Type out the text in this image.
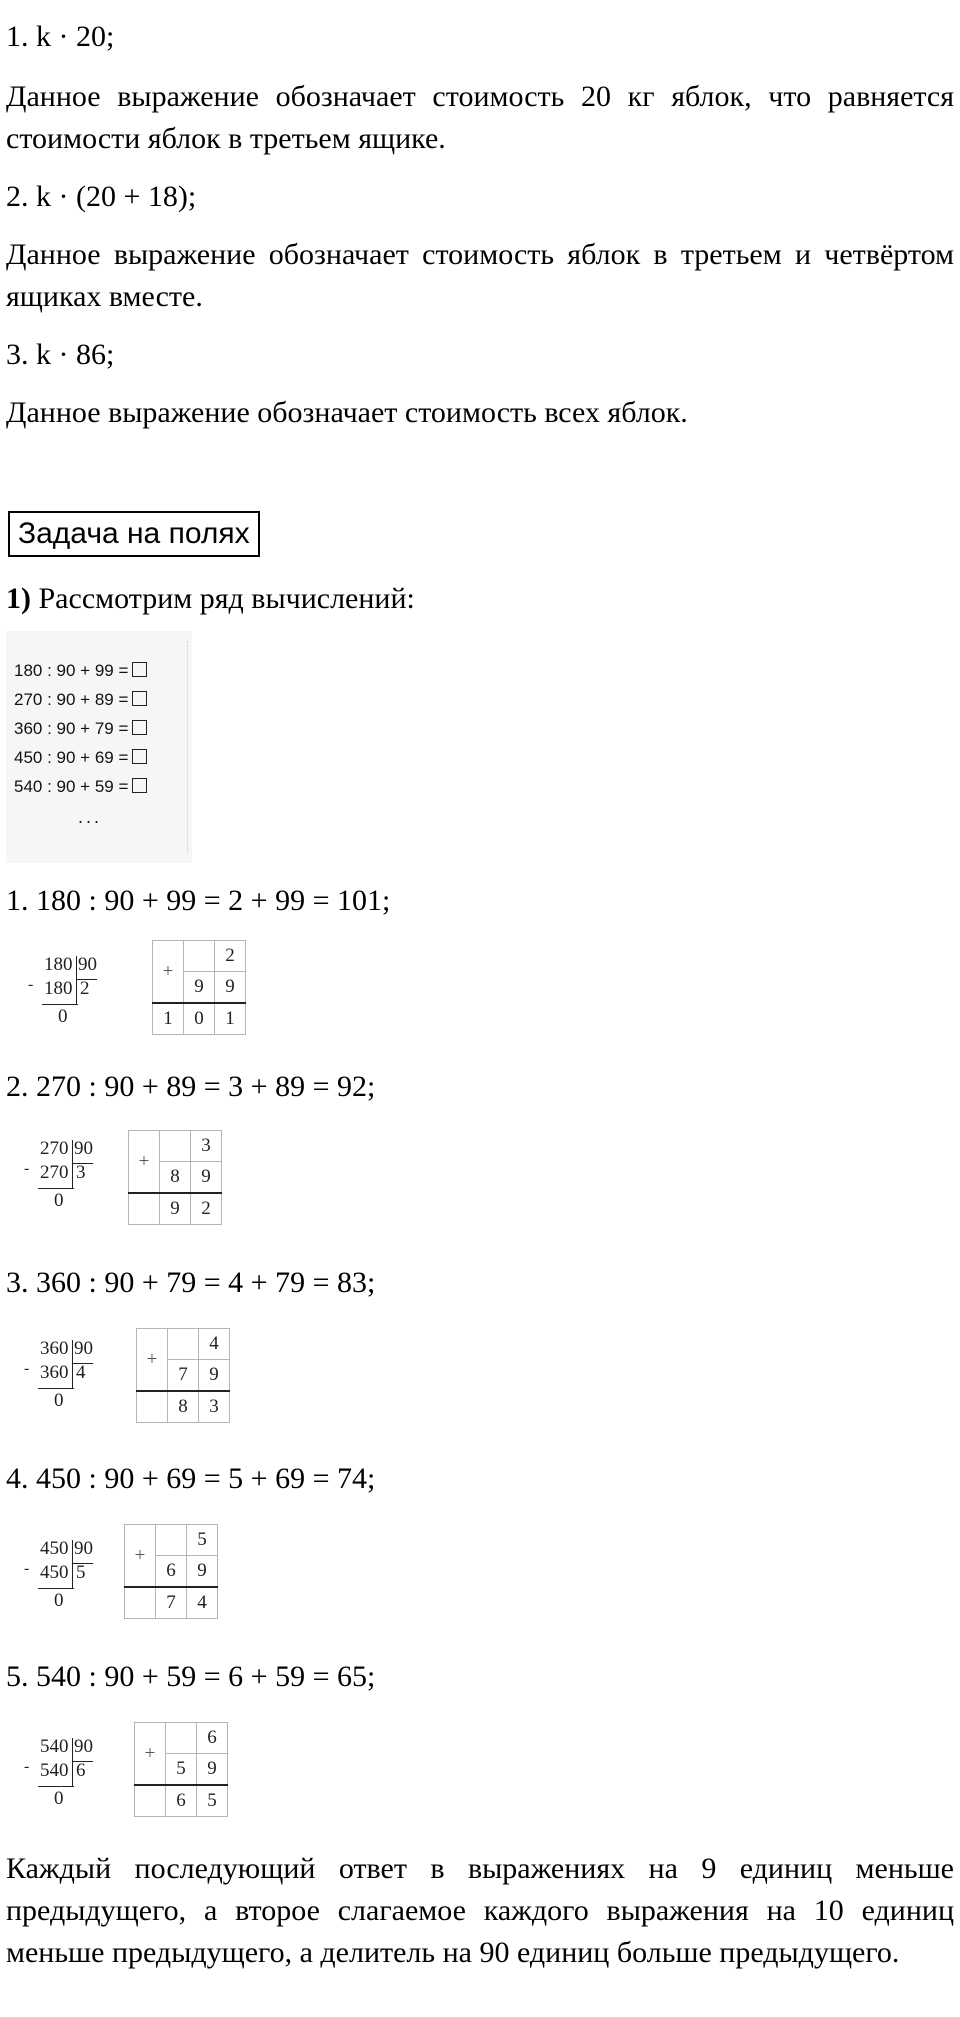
1. k · 20;
Данное выражение обозначает стоимость 20 кг яблок, что равняется стоимости яблок в третьем ящике.
2. k · (20 + 18);
Данное выражение обозначает стоимость яблок в третьем и четвёртом ящиках вместе.
3. k · 86;
Данное выражение обозначает стоимость всех яблок.
Задача на полях
1) Рассмотрим ряд вычислений:
180 : 90 + 99 =
270 : 90 + 89 =
360 : 90 + 79 =
450 : 90 + 69 =
540 : 90 + 59 =
...
1. 180 : 90 + 99 = 2 + 99 = 101;
180 90
- 180 2
0
+		2
	9	9
1	0	1
2. 270 : 90 + 89 = 3 + 89 = 92;
270 90
- 270 3
0
+		3
	8	9
	9	2
3. 360 : 90 + 79 = 4 + 79 = 83;
360 90
- 360 4
0
+		4
	7	9
	8	3
4. 450 : 90 + 69 = 5 + 69 = 74;
450 90
- 450 5
0
+		5
	6	9
	7	4
5. 540 : 90 + 59 = 6 + 59 = 65;
540 90
- 540 6
0
+		6
	5	9
	6	5
Каждый последующий ответ в выражениях на 9 единиц меньше предыдущего, а второе слагаемое каждого выражения на 10 единиц меньше предыдущего, а делитель на 90 единиц больше предыдущего.
